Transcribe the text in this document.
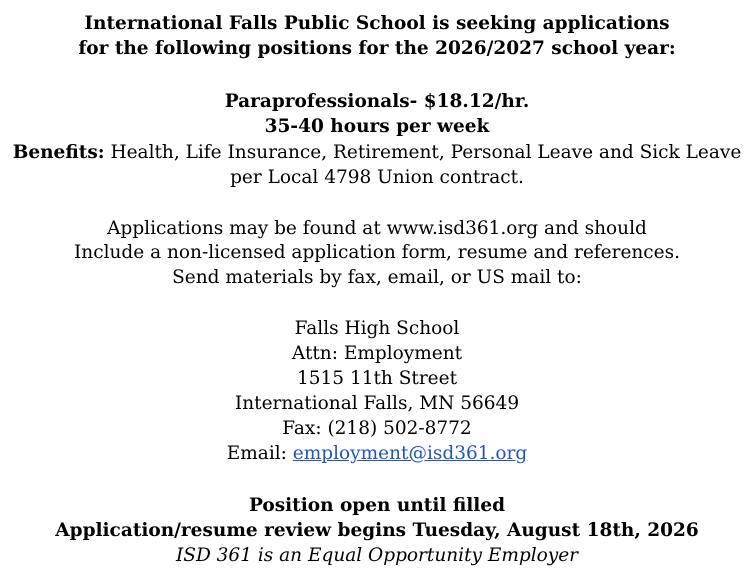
International Falls Public School is seeking applications
for the following positions for the 2026/2027 school year:
Paraprofessionals- $18.12/hr.
35-40 hours per week
Benefits: Health, Life Insurance, Retirement, Personal Leave and Sick Leave
per Local 4798 Union contract.
Applications may be found at www.isd361.org and should
Include a non-licensed application form, resume and references.
Send materials by fax, email, or US mail to:
Falls High School
Attn: Employment
1515 11th Street
International Falls, MN 56649
Fax: (218) 502-8772
Email: employment@isd361.org
Position open until filled
Application/resume review begins Tuesday, August 18th, 2026
ISD 361 is an Equal Opportunity Employer
